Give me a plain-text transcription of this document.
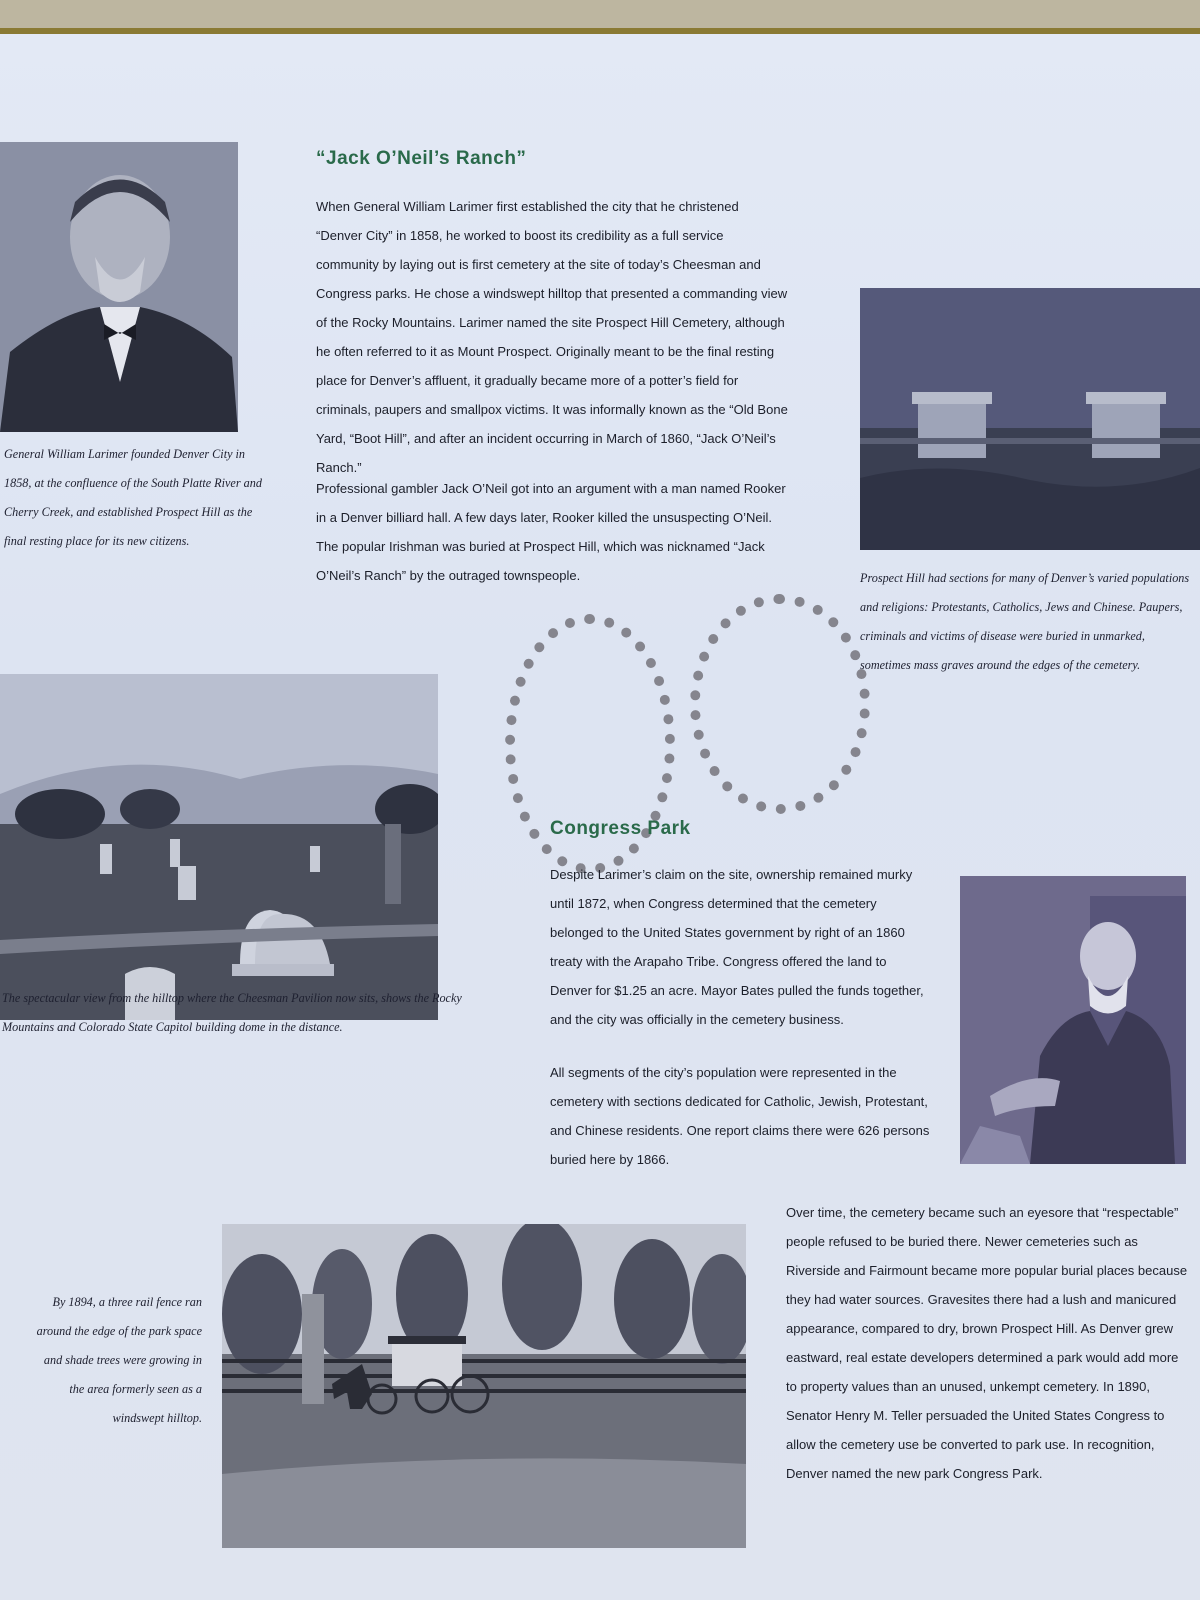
“Jack O’Neil’s Ranch”

When General William Larimer first established the city that he christened “Denver City” in 1858, he worked to boost its credibility as a full service community by laying out is first cemetery at the site of today’s Cheesman and Congress parks. He chose a windswept hilltop that presented a commanding view of the Rocky Mountains. Larimer named the site Prospect Hill Cemetery, although he often referred to it as Mount Prospect. Originally meant to be the final resting place for Denver’s affluent, it gradually became more of a potter’s field for criminals, paupers and smallpox victims. It was informally known as the “Old Bone Yard, “Boot Hill”, and after an incident occurring in March of 1860, “Jack O’Neil’s Ranch.”

Professional gambler Jack O’Neil got into an argument with a man named Rooker in a Denver billiard hall. A few days later, Rooker killed the unsuspecting O’Neil. The popular Irishman was buried at Prospect Hill, which was nicknamed “Jack O’Neil’s Ranch” by the outraged townspeople.

Congress Park

Despite Larimer’s claim on the site, ownership remained murky until 1872, when Congress determined that the cemetery belonged to the United States government by right of an 1860 treaty with the Arapaho Tribe. Congress offered the land to Denver for $1.25 an acre. Mayor Bates pulled the funds together, and the city was officially in the cemetery business.

All segments of the city’s population were represented in the cemetery with sections dedicated for Catholic, Jewish, Protestant, and Chinese residents. One report claims there were 626 persons buried here by 1866.

Over time, the cemetery became such an eyesore that “respectable” people refused to be buried there. Newer cemeteries such as Riverside and Fairmount became more popular burial places because they had water sources. Gravesites there had a lush and manicured appearance, compared to dry, brown Prospect Hill. As Denver grew eastward, real estate developers determined a park would add more to property values than an unused, unkempt cemetery. In 1890, Senator Henry M. Teller persuaded the United States Congress to allow the cemetery use be converted to park use. In recognition, Denver named the new park Congress Park.

General William Larimer founded Denver City in 1858, at the confluence of the South Platte River and Cherry Creek, and established Prospect Hill as the final resting place for its new citizens.

Prospect Hill had sections for many of Denver’s varied populations and religions: Protestants, Catholics, Jews and Chinese. Paupers, criminals and victims of disease were buried in unmarked, sometimes mass graves around the edges of the cemetery.

The spectacular view from the hilltop where the Cheesman Pavilion now sits, shows the Rocky Mountains and Colorado State Capitol building dome in the distance.

By 1894, a three rail fence ran around the edge of the park space and shade trees were growing in the area formerly seen as a windswept hilltop.
